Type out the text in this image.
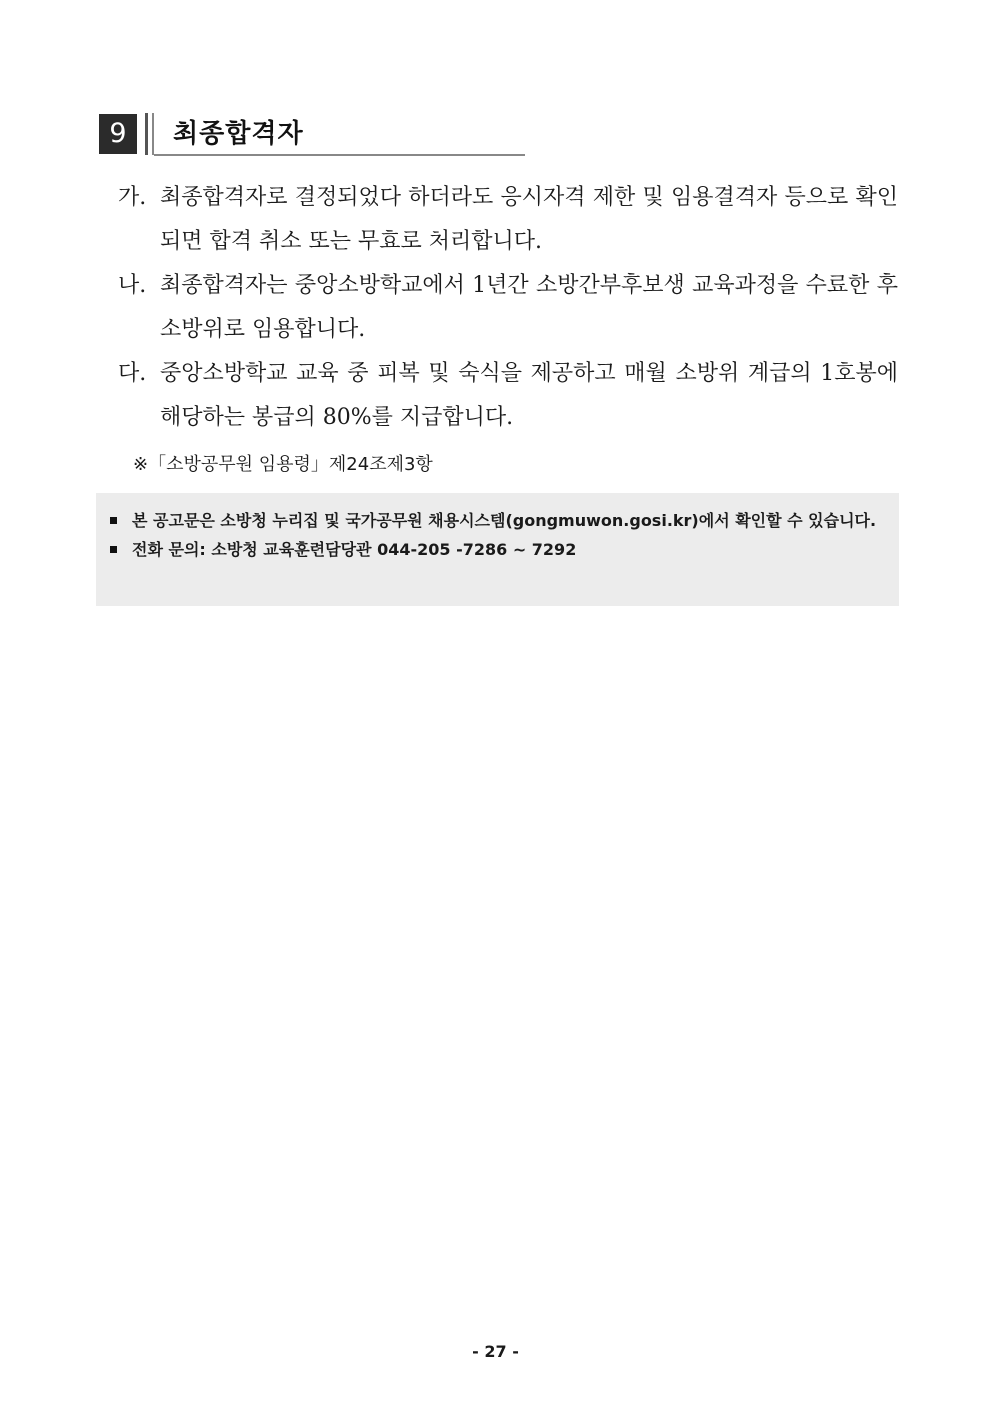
9	최종합격자
가. 최종합격자로 결정되었다 하더라도 응시자격 제한 및 임용결격자 등으로 확인되면 합격 취소 또는 무효로 처리합니다.
나. 최종합격자는 중앙소방학교에서 1년간 소방간부후보생 교육과정을 수료한 후 소방위로 임용합니다.
다. 중앙소방학교 교육 중 피복 및 숙식을 제공하고 매월 소방위 계급의 1호봉에 해당하는 봉급의 80%를 지급합니다.
※「소방공무원 임용령」제24조제3항
본 공고문은 소방청 누리집 및 국가공무원 채용시스템(gongmuwon.gosi.kr)에서 확인할 수 있습니다.
전화 문의: 소방청 교육훈련담당관 044-205 -7286 ~ 7292
- 27 -
